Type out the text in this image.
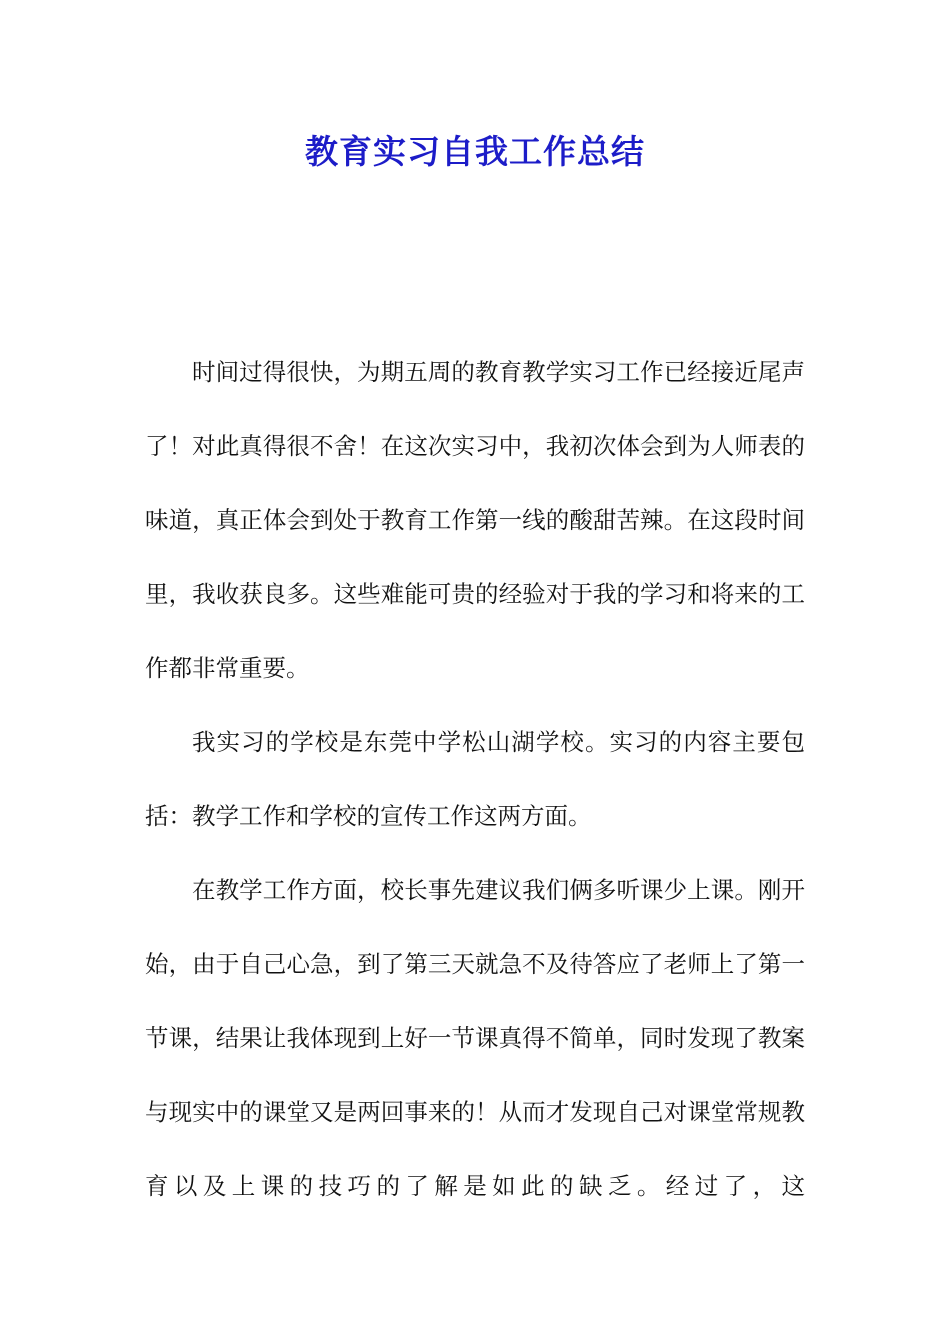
教育实习自我工作总结

时间过得很快，为期五周的教育教学实习工作已经接近尾声了！对此真得很不舍！在这次实习中，我初次体会到为人师表的味道，真正体会到处于教育工作第一线的酸甜苦辣。在这段时间里，我收获良多。这些难能可贵的经验对于我的学习和将来的工作都非常重要。

我实习的学校是东莞中学松山湖学校。实习的内容主要包括：教学工作和学校的宣传工作这两方面。

在教学工作方面，校长事先建议我们俩多听课少上课。刚开始，由于自己心急，到了第三天就急不及待答应了老师上了第一节课，结果让我体现到上好一节课真得不简单，同时发现了教案与现实中的课堂又是两回事来的！从而才发现自己对课堂常规教育以及上课的技巧的了解是如此的缺乏。经过了，这
